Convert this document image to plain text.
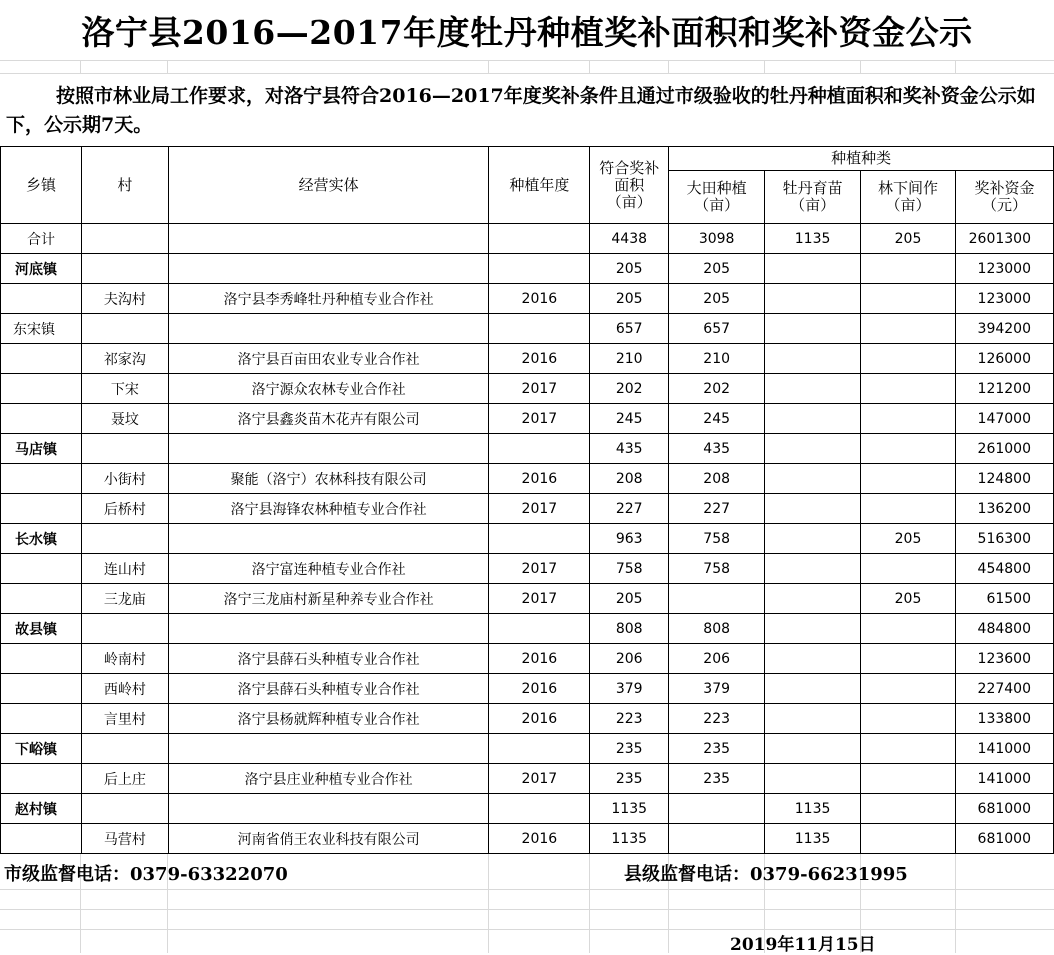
洛宁县2016—2017年度牡丹种植奖补面积和奖补资金公示
按照市林业局工作要求，对洛宁县符合2016—2017年度奖补条件且通过市级验收的牡丹种植面积和奖补资金公示如下，公示期7天。
乡镇	村	经营实体	种植年度	符合奖补面积（亩）	种植种类			
					大田种植（亩）	牡丹育苗（亩）	林下间作（亩）	奖补资金（元）
合计				4438	3098	1135	205	2601300
河底镇				205	205			123000
	夫沟村	洛宁县李秀峰牡丹种植专业合作社	2016	205	205			123000
东宋镇				657	657			394200
	祁家沟	洛宁县百亩田农业专业合作社	2016	210	210			126000
	下宋	洛宁源众农林专业合作社	2017	202	202			121200
	聂坟	洛宁县鑫炎苗木花卉有限公司	2017	245	245			147000
马店镇				435	435			261000
	小街村	聚能（洛宁）农林科技有限公司	2016	208	208			124800
	后桥村	洛宁县海锋农林种植专业合作社	2017	227	227			136200
长水镇				963	758		205	516300
	连山村	洛宁富连种植专业合作社	2017	758	758			454800
	三龙庙	洛宁三龙庙村新星种养专业合作社	2017	205			205	61500
故县镇				808	808			484800
	岭南村	洛宁县薛石头种植专业合作社	2016	206	206			123600
	西岭村	洛宁县薛石头种植专业合作社	2016	379	379			227400
	言里村	洛宁县杨就辉种植专业合作社	2016	223	223			133800
下峪镇				235	235			141000
	后上庄	洛宁县庄业种植专业合作社	2017	235	235			141000
赵村镇				1135		1135		681000
	马营村	河南省俏王农业科技有限公司	2016	1135		1135		681000
市级监督电话：0379-63322070	县级监督电话：0379-66231995
2019年11月15日
